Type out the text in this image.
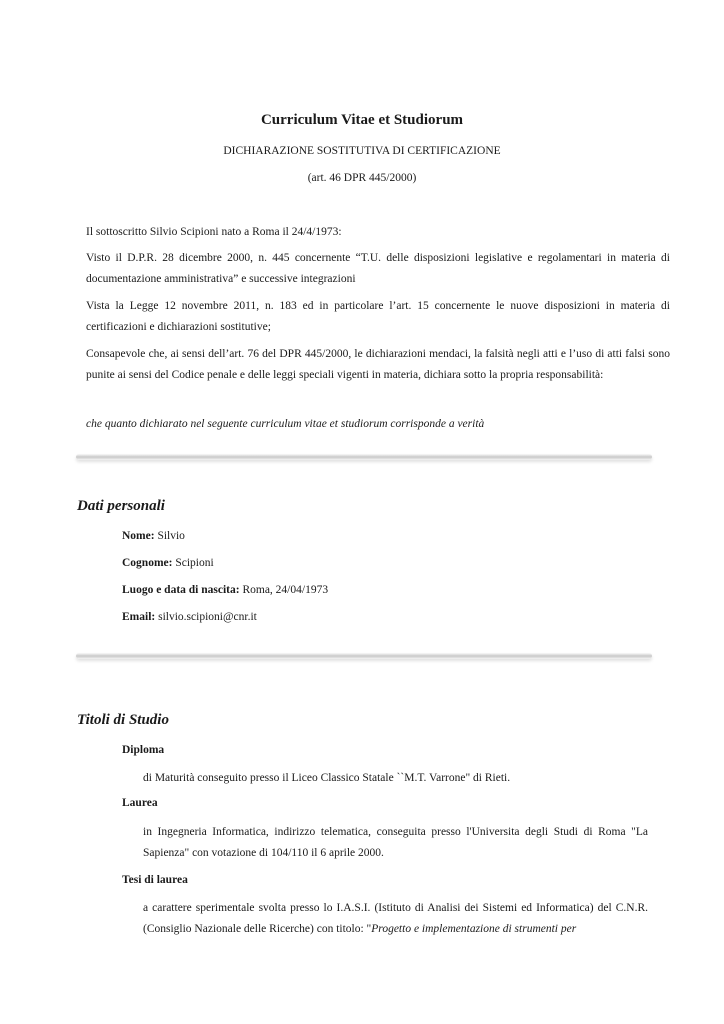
Curriculum Vitae et Studiorum
DICHIARAZIONE SOSTITUTIVA DI CERTIFICAZIONE
(art. 46 DPR 445/2000)
Il sottoscritto Silvio Scipioni nato a Roma il 24/4/1973:
Visto il D.P.R. 28 dicembre 2000, n. 445 concernente “T.U. delle disposizioni legislative e regolamentari in materia di documentazione amministrativa” e successive integrazioni
Vista la Legge 12 novembre 2011, n. 183 ed in particolare l’art. 15 concernente le nuove disposizioni in materia di certificazioni e dichiarazioni sostitutive;
Consapevole che, ai sensi dell’art. 76 del DPR 445/2000, le dichiarazioni mendaci, la falsità negli atti e l’uso di atti falsi sono punite ai sensi del Codice penale e delle leggi speciali vigenti in materia, dichiara sotto la propria responsabilità:
che quanto dichiarato nel seguente curriculum vitae et studiorum corrisponde a verità
Dati personali
Nome: Silvio
Cognome: Scipioni
Luogo e data di nascita: Roma, 24/04/1973
Email: silvio.scipioni@cnr.it
Titoli di Studio
Diploma
di Maturità conseguito presso il Liceo Classico Statale ``M.T. Varrone" di Rieti.
Laurea
in Ingegneria Informatica, indirizzo telematica, conseguita presso l'Universita degli Studi di Roma "La Sapienza" con votazione di 104/110 il 6 aprile 2000.
Tesi di laurea
a carattere sperimentale svolta presso lo I.A.S.I. (Istituto di Analisi dei Sistemi ed Informatica) del C.N.R. (Consiglio Nazionale delle Ricerche) con titolo: "Progetto e implementazione di strumenti per
